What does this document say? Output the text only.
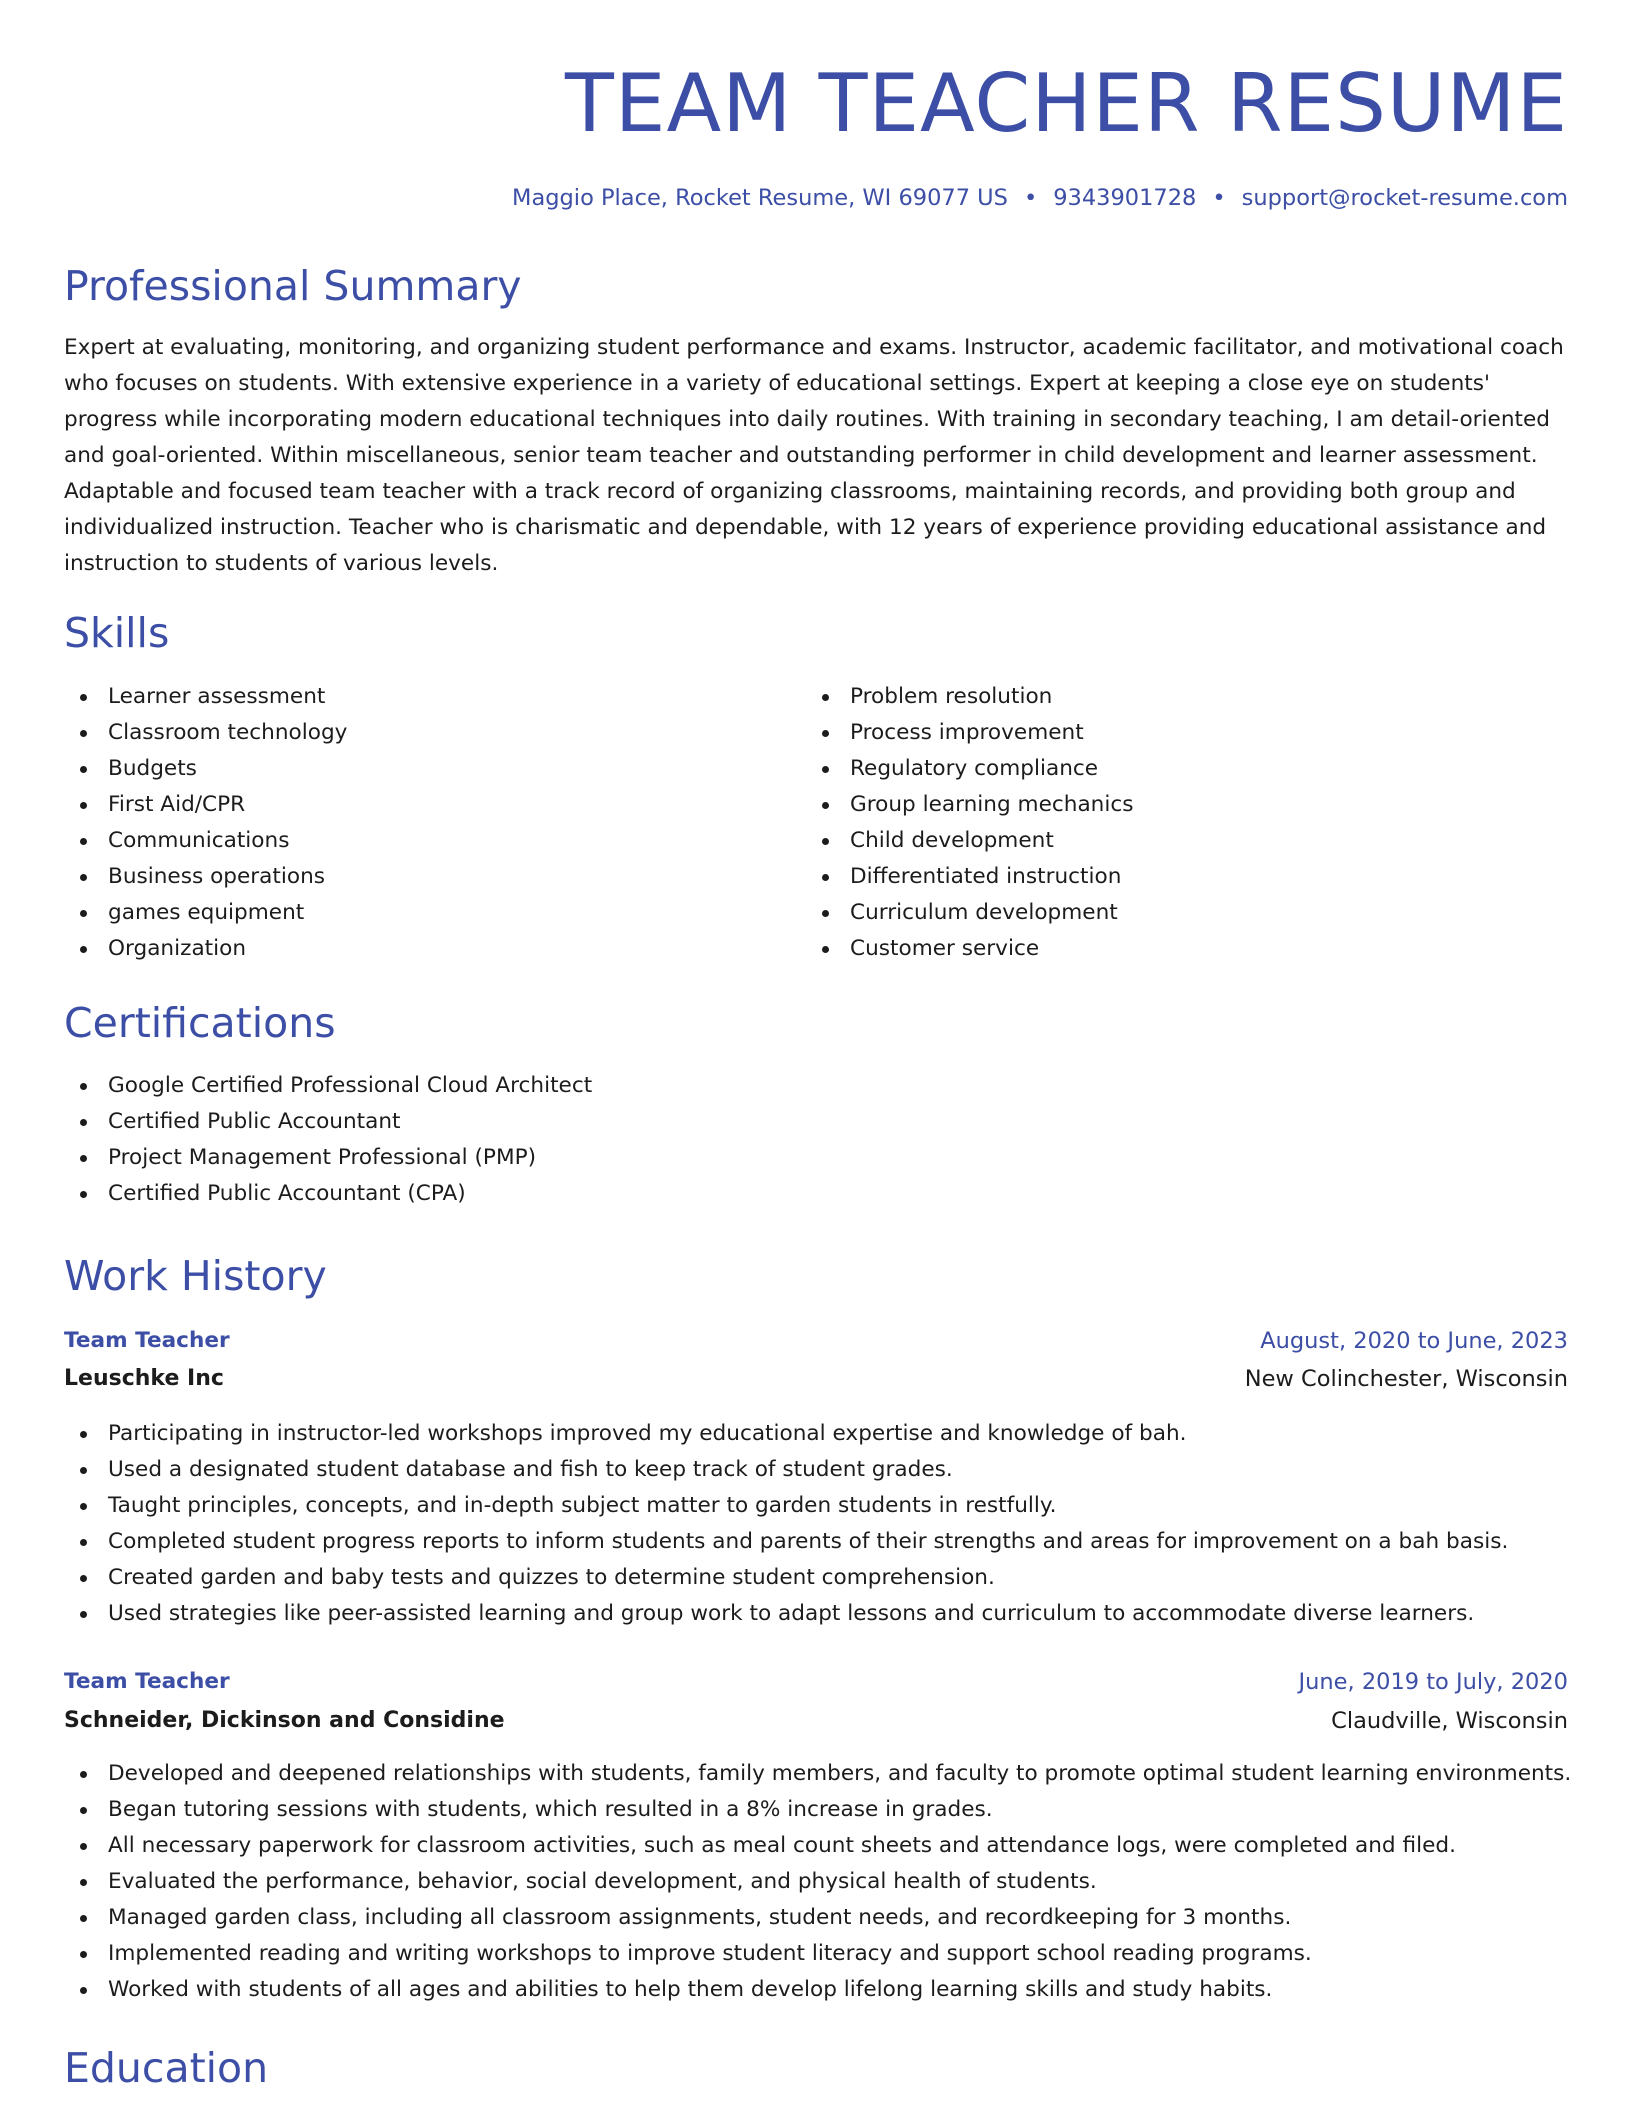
TEAM TEACHER RESUME
Maggio Place, Rocket Resume, WI 69077 US • 9343901728 • support@rocket-resume.com
Professional Summary

Expert at evaluating, monitoring, and organizing student performance and exams. Instructor, academic facilitator, and motivational coach who focuses on students. With extensive experience in a variety of educational settings. Expert at keeping a close eye on students' progress while incorporating modern educational techniques into daily routines. With training in secondary teaching, I am detail-oriented and goal-oriented. Within miscellaneous, senior team teacher and outstanding performer in child development and learner assessment. Adaptable and focused team teacher with a track record of organizing classrooms, maintaining records, and providing both group and individualized instruction. Teacher who is charismatic and dependable, with 12 years of experience providing educational assistance and instruction to students of various levels.

Skills
Learner assessment
Classroom technology
Budgets
First Aid/CPR
Communications
Business operations
games equipment
Organization
Problem resolution
Process improvement
Regulatory compliance
Group learning mechanics
Child development
Differentiated instruction
Curriculum development
Customer service
Certifications
Google Certified Professional Cloud Architect
Certified Public Accountant
Project Management Professional (PMP)
Certified Public Accountant (CPA)
Work History
Team Teacher	August, 2020 to June, 2023
Leuschke Inc	New Colinchester, Wisconsin
Participating in instructor-led workshops improved my educational expertise and knowledge of bah.
Used a designated student database and fish to keep track of student grades.
Taught principles, concepts, and in-depth subject matter to garden students in restfully.
Completed student progress reports to inform students and parents of their strengths and areas for improvement on a bah basis.
Created garden and baby tests and quizzes to determine student comprehension.
Used strategies like peer-assisted learning and group work to adapt lessons and curriculum to accommodate diverse learners.
Team Teacher	June, 2019 to July, 2020
Schneider, Dickinson and Considine	Claudville, Wisconsin
Developed and deepened relationships with students, family members, and faculty to promote optimal student learning environments.
Began tutoring sessions with students, which resulted in a 8% increase in grades.
All necessary paperwork for classroom activities, such as meal count sheets and attendance logs, were completed and filed.
Evaluated the performance, behavior, social development, and physical health of students.
Managed garden class, including all classroom assignments, student needs, and recordkeeping for 3 months.
Implemented reading and writing workshops to improve student literacy and support school reading programs.
Worked with students of all ages and abilities to help them develop lifelong learning skills and study habits.
Education
